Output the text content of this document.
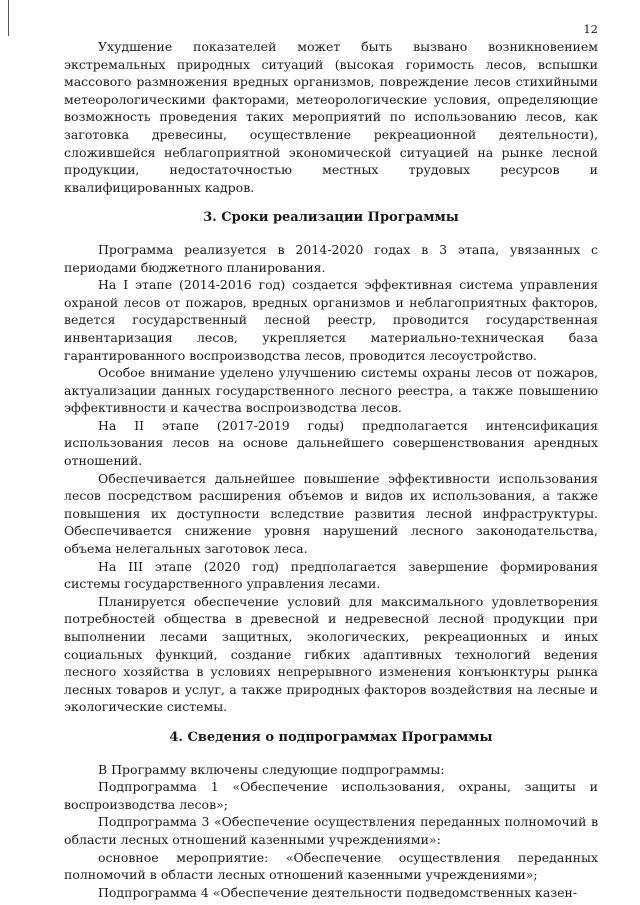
12

Ухудшение показателей может быть вызвано возникновением экстремальных природных ситуаций (высокая горимость лесов, вспышки массового размножения вредных организмов, повреждение лесов стихийными метеорологическими факторами, метеорологические условия, определяющие возможность проведения таких мероприятий по использованию лесов, как заготовка древесины, осуществление рекреационной деятельности), сложившейся неблагоприятной экономической ситуацией на рынке лесной продукции, недостаточностью местных трудовых ресурсов и квалифицированных кадров.

3. Сроки реализации Программы

Программа реализуется в 2014-2020 годах в 3 этапа, увязанных с периодами бюджетного планирования.

На I этапе (2014-2016 год) создается эффективная система управления охраной лесов от пожаров, вредных организмов и неблагоприятных факторов, ведется государственный лесной реестр, проводится государственная инвентаризация лесов, укрепляется материально-техническая база гарантированного воспроизводства лесов, проводится лесоустройство.

Особое внимание уделено улучшению системы охраны лесов от пожаров, актуализации данных государственного лесного реестра, а также повышению эффективности и качества воспроизводства лесов.

На II этапе (2017-2019 годы) предполагается интенсификация использования лесов на основе дальнейшего совершенствования арендных отношений.

Обеспечивается дальнейшее повышение эффективности использования лесов посредством расширения объемов и видов их использования, а также повышения их доступности вследствие развития лесной инфраструктуры. Обеспечивается снижение уровня нарушений лесного законодательства, объема нелегальных заготовок леса.

На III этапе (2020 год) предполагается завершение формирования системы государственного управления лесами.

Планируется обеспечение условий для максимального удовлетворения потребностей общества в древесной и недревесной лесной продукции при выполнении лесами защитных, экологических, рекреационных и иных социальных функций, создание гибких адаптивных технологий ведения лесного хозяйства в условиях непрерывного изменения конъюнктуры рынка лесных товаров и услуг, а также природных факторов воздействия на лесные и экологические системы.

4. Сведения о подпрограммах Программы

В Программу включены следующие подпрограммы:

Подпрограмма 1 «Обеспечение использования, охраны, защиты и воспроизводства лесов»;

Подпрограмма 3 «Обеспечение осуществления переданных полномочий в области лесных отношений казенными учреждениями»:

основное мероприятие: «Обеспечение осуществления переданных полномочий в области лесных отношений казенными учреждениями»;

Подпрограмма 4 «Обеспечение деятельности подведомственных казен-
